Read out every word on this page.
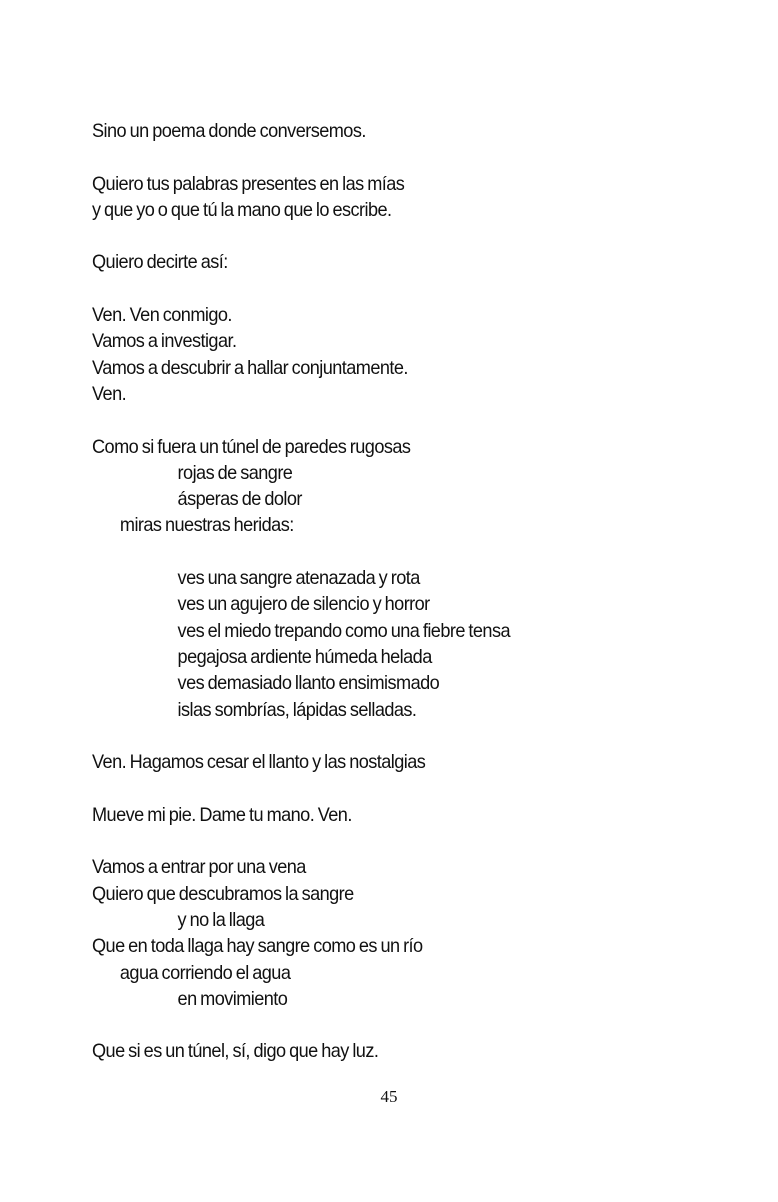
Sino un poema donde conversemos.
Quiero tus palabras presentes en las mías
y que yo o que tú la mano que lo escribe.
Quiero decirte así:
Ven. Ven conmigo.
Vamos a investigar.
Vamos a descubrir a hallar conjuntamente.
Ven.
Como si fuera un túnel de paredes rugosas
rojas de sangre
ásperas de dolor
miras nuestras heridas:
ves una sangre atenazada y rota
ves un agujero de silencio y horror
ves el miedo trepando como una fiebre tensa
pegajosa ardiente húmeda helada
ves demasiado llanto ensimismado
islas sombrías, lápidas selladas.
Ven. Hagamos cesar el llanto y las nostalgias
Mueve mi pie. Dame tu mano. Ven.
Vamos a entrar por una vena
Quiero que descubramos la sangre
y no la llaga
Que en toda llaga hay sangre como es un río
agua corriendo el agua
en movimiento
Que si es un túnel, sí, digo que hay luz.
45
